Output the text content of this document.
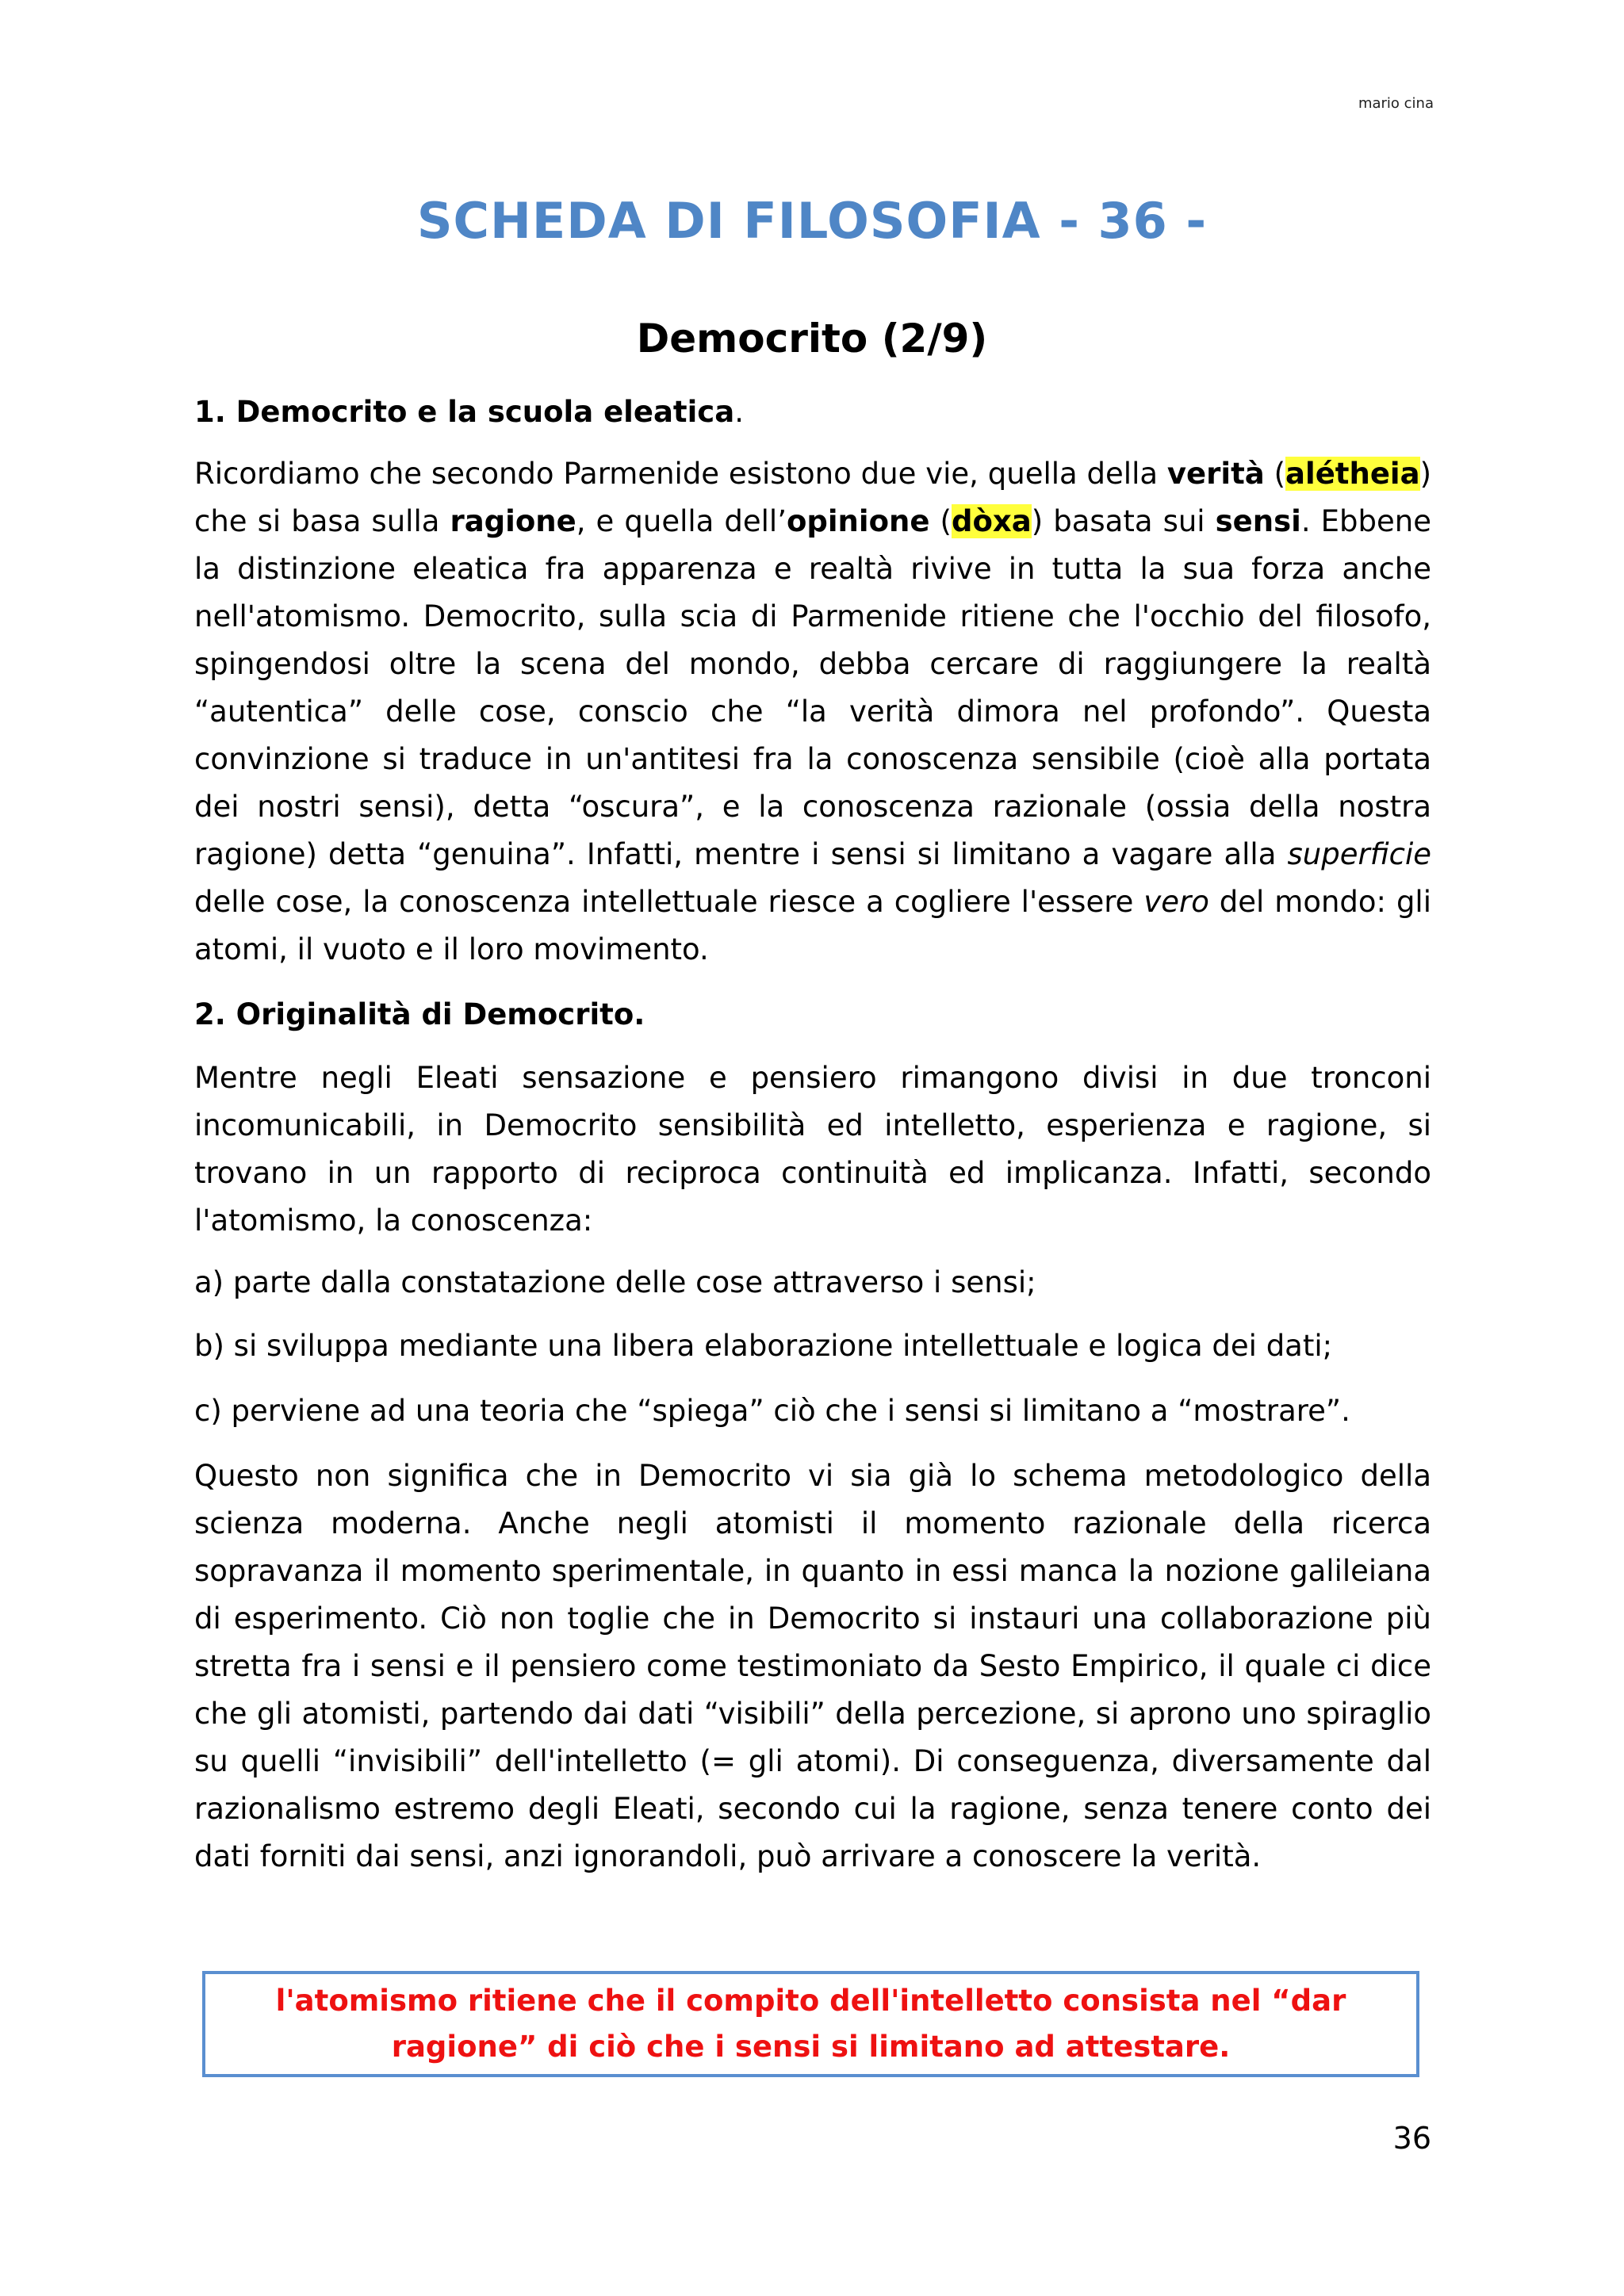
mario cina
SCHEDA DI FILOSOFIA - 36 -
Democrito (2/9)
1. Democrito e la scuola eleatica.

Ricordiamo che secondo Parmenide esistono due vie, quella della verità (alétheia) che si basa sulla ragione, e quella dell’opinione (dòxa) basata sui sensi. Ebbene la distinzione eleatica fra apparenza e realtà rivive in tutta la sua forza anche nell'atomismo. Democrito, sulla scia di Parmenide ritiene che l'occhio del filosofo, spingendosi oltre la scena del mondo, debba cercare di raggiungere la realtà “autentica” delle cose, conscio che “la verità dimora nel profondo”. Questa convinzione si traduce in un'antitesi fra la conoscenza sensibile (cioè alla portata dei nostri sensi), detta “oscura”, e la conoscenza razionale (ossia della nostra ragione) detta “genuina”. Infatti, mentre i sensi si limitano a vagare alla superficie delle cose, la conoscenza intellettuale riesce a cogliere l'essere vero del mondo: gli atomi, il vuoto e il loro movimento.

2. Originalità di Democrito.

Mentre negli Eleati sensazione e pensiero rimangono divisi in due tronconi incomunicabili, in Democrito sensibilità ed intelletto, esperienza e ragione, si trovano in un rapporto di reciproca continuità ed implicanza. Infatti, secondo l'atomismo, la conoscenza:

a) parte dalla constatazione delle cose attraverso i sensi;
b) si sviluppa mediante una libera elaborazione intellettuale e logica dei dati;
c) perviene ad una teoria che “spiega” ciò che i sensi si limitano a “mostrare”.

Questo non significa che in Democrito vi sia già lo schema metodologico della scienza moderna. Anche negli atomisti il momento razionale della ricerca sopravanza il momento sperimentale, in quanto in essi manca la nozione galileiana di esperimento. Ciò non toglie che in Democrito si instauri una collaborazione più stretta fra i sensi e il pensiero come testimoniato da Sesto Empirico, il quale ci dice che gli atomisti, partendo dai dati “visibili” della percezione, si aprono uno spiraglio su quelli “invisibili” dell'intelletto (= gli atomi). Di conseguenza, diversamente dal razionalismo estremo degli Eleati, secondo cui la ragione, senza tenere conto dei dati forniti dai sensi, anzi ignorandoli, può arrivare a conoscere la verità.

l'atomismo ritiene che il compito dell'intelletto consista nel “dar ragione” di ciò che i sensi si limitano ad attestare.
36
